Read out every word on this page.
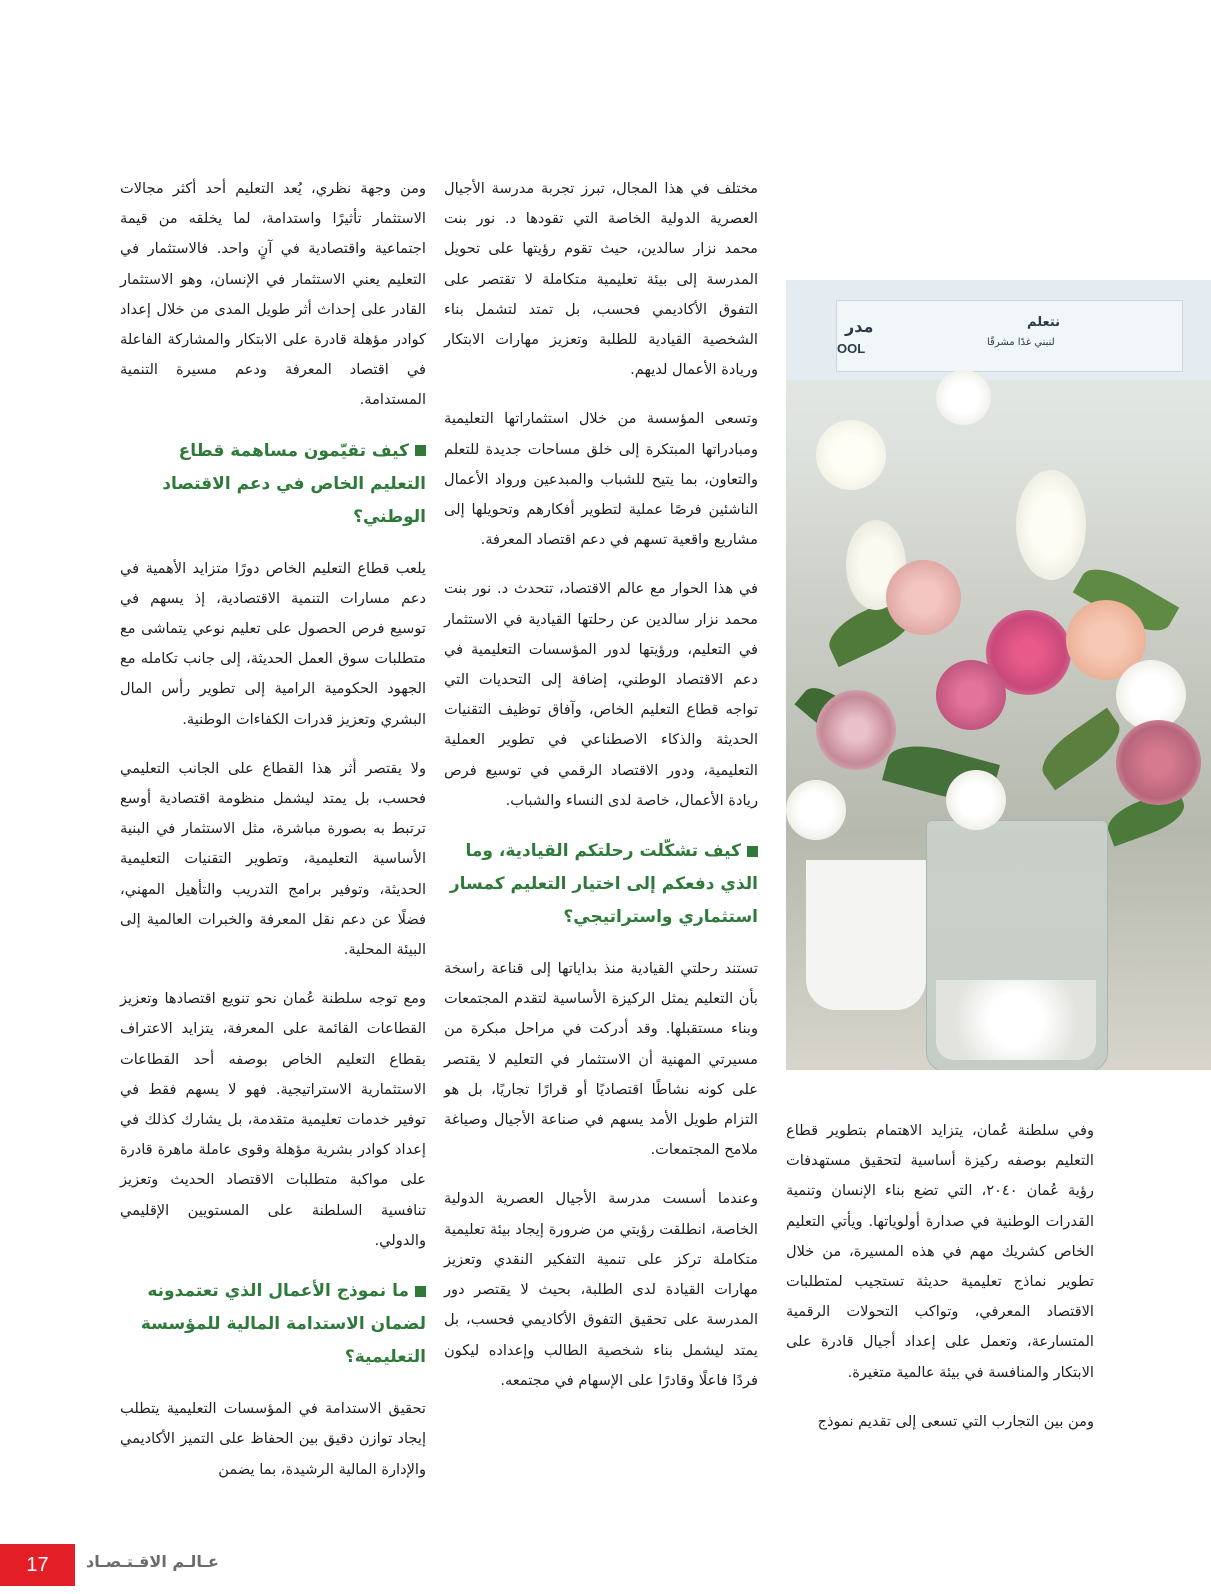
مختلف في هذا المجال، تبرز تجربة مدرسة الأجيال العصرية الدولية الخاصة التي تقودها د. نور بنت محمد نزار سالدين، حيث تقوم رؤيتها على تحويل المدرسة إلى بيئة تعليمية متكاملة لا تقتصر على التفوق الأكاديمي فحسب، بل تمتد لتشمل بناء الشخصية القيادية للطلبة وتعزيز مهارات الابتكار وريادة الأعمال لديهم.

وتسعى المؤسسة من خلال استثماراتها التعليمية ومبادراتها المبتكرة إلى خلق مساحات جديدة للتعلم والتعاون، بما يتيح للشباب والمبدعين ورواد الأعمال الناشئين فرصًا عملية لتطوير أفكارهم وتحويلها إلى مشاريع واقعية تسهم في دعم اقتصاد المعرفة.

في هذا الحوار مع عالم الاقتصاد، تتحدث د. نور بنت محمد نزار سالدين عن رحلتها القيادية في الاستثمار في التعليم، ورؤيتها لدور المؤسسات التعليمية في دعم الاقتصاد الوطني، إضافة إلى التحديات التي تواجه قطاع التعليم الخاص، وآفاق توظيف التقنيات الحديثة والذكاء الاصطناعي في تطوير العملية التعليمية، ودور الاقتصاد الرقمي في توسيع فرص ريادة الأعمال، خاصة لدى النساء والشباب.

كيف تشكّلت رحلتكم القيادية، وما الذي دفعكم إلى اختيار التعليم كمسار استثماري واستراتيجي؟

تستند رحلتي القيادية منذ بداياتها إلى قناعة راسخة بأن التعليم يمثل الركيزة الأساسية لتقدم المجتمعات وبناء مستقبلها. وقد أدركت في مراحل مبكرة من مسيرتي المهنية أن الاستثمار في التعليم لا يقتصر على كونه نشاطًا اقتصاديًا أو قرارًا تجاريًا، بل هو التزام طويل الأمد يسهم في صناعة الأجيال وصياغة ملامح المجتمعات.

وعندما أسست مدرسة الأجيال العصرية الدولية الخاصة، انطلقت رؤيتي من ضرورة إيجاد بيئة تعليمية متكاملة تركز على تنمية التفكير النقدي وتعزيز مهارات القيادة لدى الطلبة، بحيث لا يقتصر دور المدرسة على تحقيق التفوق الأكاديمي فحسب، بل يمتد ليشمل بناء شخصية الطالب وإعداده ليكون فردًا فاعلًا وقادرًا على الإسهام في مجتمعه.

ومن وجهة نظري، يُعد التعليم أحد أكثر مجالات الاستثمار تأثيرًا واستدامة، لما يخلقه من قيمة اجتماعية واقتصادية في آنٍ واحد. فالاستثمار في التعليم يعني الاستثمار في الإنسان، وهو الاستثمار القادر على إحداث أثر طويل المدى من خلال إعداد كوادر مؤهلة قادرة على الابتكار والمشاركة الفاعلة في اقتصاد المعرفة ودعم مسيرة التنمية المستدامة.

كيف تقيّمون مساهمة قطاع التعليم الخاص في دعم الاقتصاد الوطني؟

يلعب قطاع التعليم الخاص دورًا متزايد الأهمية في دعم مسارات التنمية الاقتصادية، إذ يسهم في توسيع فرص الحصول على تعليم نوعي يتماشى مع متطلبات سوق العمل الحديثة، إلى جانب تكامله مع الجهود الحكومية الرامية إلى تطوير رأس المال البشري وتعزيز قدرات الكفاءات الوطنية.

ولا يقتصر أثر هذا القطاع على الجانب التعليمي فحسب، بل يمتد ليشمل منظومة اقتصادية أوسع ترتبط به بصورة مباشرة، مثل الاستثمار في البنية الأساسية التعليمية، وتطوير التقنيات التعليمية الحديثة، وتوفير برامج التدريب والتأهيل المهني، فضلًا عن دعم نقل المعرفة والخبرات العالمية إلى البيئة المحلية.

ومع توجه سلطنة عُمان نحو تنويع اقتصادها وتعزيز القطاعات القائمة على المعرفة، يتزايد الاعتراف بقطاع التعليم الخاص بوصفه أحد القطاعات الاستثمارية الاستراتيجية. فهو لا يسهم فقط في توفير خدمات تعليمية متقدمة، بل يشارك كذلك في إعداد كوادر بشرية مؤهلة وقوى عاملة ماهرة قادرة على مواكبة متطلبات الاقتصاد الحديث وتعزيز تنافسية السلطنة على المستويين الإقليمي والدولي.

ما نموذج الأعمال الذي تعتمدونه لضمان الاستدامة المالية للمؤسسة التعليمية؟

تحقيق الاستدامة في المؤسسات التعليمية يتطلب إيجاد توازن دقيق بين الحفاظ على التميز الأكاديمي والإدارة المالية الرشيدة، بما يضمن

مدر
OOL
نتعلم
لنبني غدًا مشرقًا

وفي سلطنة عُمان، يتزايد الاهتمام بتطوير قطاع التعليم بوصفه ركيزة أساسية لتحقيق مستهدفات رؤية عُمان ٢٠٤٠، التي تضع بناء الإنسان وتنمية القدرات الوطنية في صدارة أولوياتها. ويأتي التعليم الخاص كشريك مهم في هذه المسيرة، من خلال تطوير نماذج تعليمية حديثة تستجيب لمتطلبات الاقتصاد المعرفي، وتواكب التحولات الرقمية المتسارعة، وتعمل على إعداد أجيال قادرة على الابتكار والمنافسة في بيئة عالمية متغيرة.

ومن بين التجارب التي تسعى إلى تقديم نموذج

17	عـالـم الاقـتـصـاد
